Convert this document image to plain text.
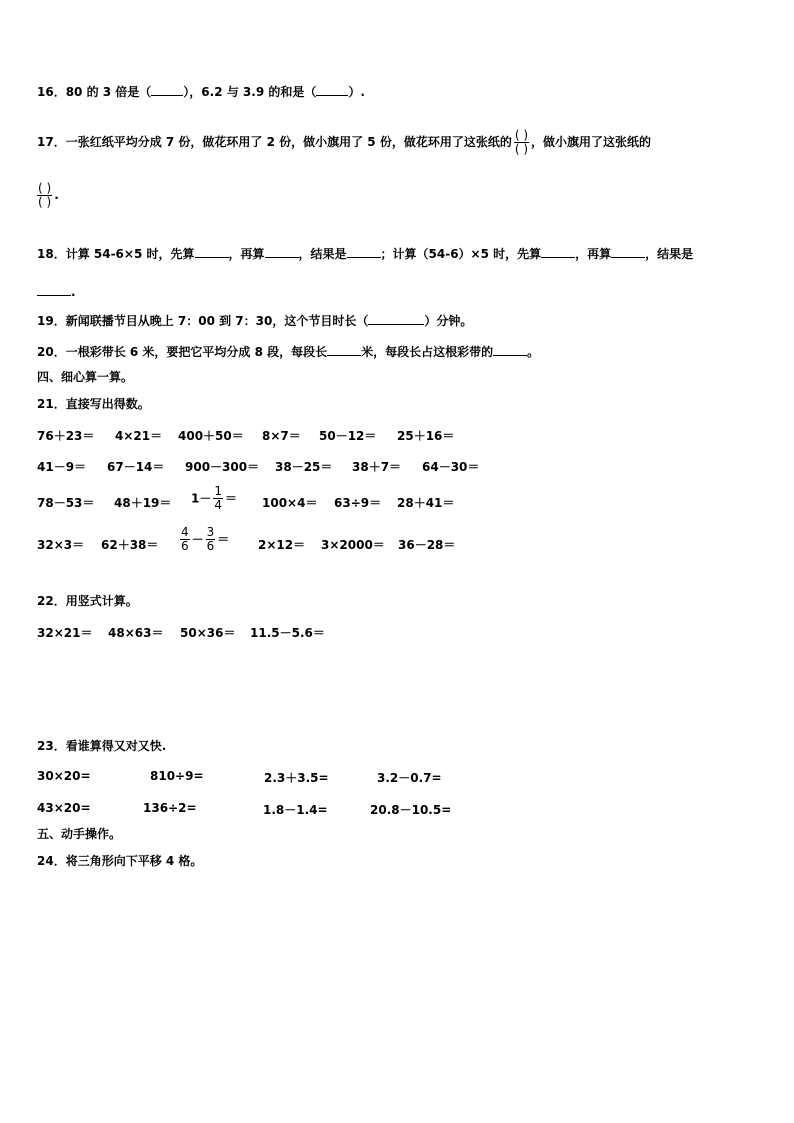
16．80 的 3 倍是（	），6.2 与 3.9 的和是（	）.
17．一张红纸平均分成 7 份，做花环用了 2 份，做小旗用了 5 份，做花环用了这张纸的 $\frac{( )}{( )}$ ，做小旗用了这张纸的
$\frac{( )}{( )}$ .
18．计算 54-6×5 时，先算	，再算	，结果是	；计算（54-6）×5 时，先算	，再算	，结果是
.
19．新闻联播节目从晚上 7：00 到 7：30，这个节目时长（	）分钟。
20．一根彩带长 6 米，要把它平均分成 8 段，每段长	米，每段长占这根彩带的	。
四、细心算一算。
21．直接写出得数。
76＋23＝ 4×21＝ 400＋50＝ 8×7＝ 50－12＝ 25＋16＝
41－9＝ 67－14＝ 900－300＝ 38－25＝ 38＋7＝ 64－30＝
$78-53= 48+19= 1- \frac{1}{4} = 100\times 4= 63\div 9= 28+41=$
$32\times 3= 62+38= \frac{4}{6} - \frac{3}{6} = 2\times 12= 3\times 2000= 36-28=$
22．用竖式计算。
32×21＝ 48×63＝ 50×36＝ 11.5－5.6＝
23．看谁算得又对又快.
30×20=	810÷9=	2.3＋3.5=	3.2－0.7=
43×20=	136÷2=	1.8－1.4=	20.8－10.5=
五、动手操作。
24．将三角形向下平移 4 格。
